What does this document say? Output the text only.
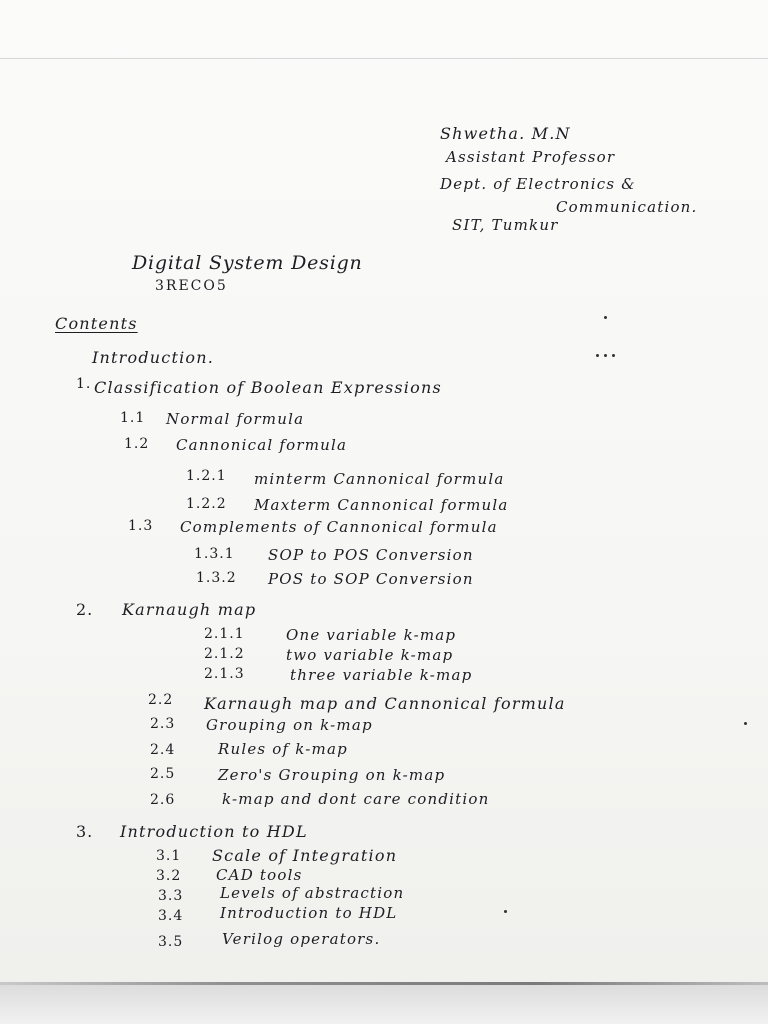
Shwetha. M.N
Assistant Professor
Dept. of Electronics &
Communication.
SIT, Tumkur
Digital System Design
3RECO5
Contents
Introduction.
1. Classification of Boolean Expressions
1.1 Normal formula
1.2 Cannonical formula
1.2.1 minterm Cannonical formula
1.2.2 Maxterm Cannonical formula
1.3 Complements of Cannonical formula
1.3.1 SOP to POS Conversion
1.3.2 POS to SOP Conversion
2. Karnaugh map
2.1.1	One variable k-map
2.1.2	two variable k-map
2.1.3	three variable k-map
2.2 Karnaugh map and Cannonical formula
2.3 Grouping on k-map
2.4	Rules of k-map
2.5	Zero's Grouping on k-map
2.6	k-map and dont care condition
3. Introduction to HDL
3.1 Scale of Integration
3.2 CAD tools
3.3 Levels of abstraction
3.4 Introduction to HDL
3.5	Verilog operators.
